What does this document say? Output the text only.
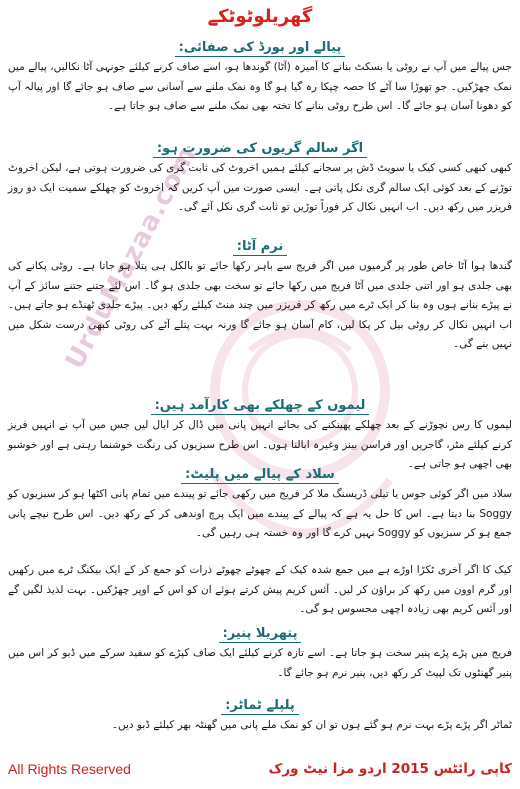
UrduMazaa.com
گھریلوٹوٹکے
پیالے اور بورڈ کی صفائی:
جس پیالے میں آپ نے روٹی یا بسکٹ بنانے کا آمیزہ (آٹا) گوندھا ہو، اسے صاف کرنے کیلئے جونہی آٹا نکالیں، پیالے میں نمک چھڑکیں۔ جو تھوڑا سا آٹے کا حصہ چپکا رہ گیا ہو گا وہ نمک ملنے سے آسانی سے صاف ہو جائے گا اور پیالہ آپ کو دھونا آسان ہو جائے گا۔ اس طرح روٹی بنانے کا تختہ بھی نمک ملنے سے صاف ہو جاتا ہے۔
اگر سالم گریوں کی ضرورت ہو:
کبھی کبھی کسی کیک یا سویٹ ڈش پر سجانے کیلئے ہمیں اخروٹ کی ثابت گری کی ضرورت ہوتی ہے، لیکن اخروٹ توڑنے کے بعد کوئی ایک سالم گری نکل پاتی ہے۔ ایسی صورت میں آپ کریں کہ اخروٹ کو چھلکے سمیت ایک دو روز فریزر میں رکھ دیں۔ اب انہیں نکال کر فوراً توڑیں تو ثابت گری نکل آئے گی۔
نرم آٹا:
گندھا ہوا آٹا خاص طور پر گرمیوں میں اگر فریج سے باہر رکھا جائے تو بالکل ہی پتلا ہو جاتا ہے۔ روٹی پکانے کی بھی جلدی ہو اور اتنی جلدی میں آٹا فریج میں رکھا جائے تو سخت بھی جلدی ہو گا۔ اس لئے جتنے جتنے سائز کے آپ نے پیڑے بنانے ہوں وہ بنا کر ایک ٹرے میں رکھ کر فریزر میں چند منٹ کیلئے رکھ دیں۔ پیڑے جلدی ٹھنڈے ہو جاتے ہیں۔ اب انہیں نکال کر روٹی بیل کر پکا لیں، کام آسان ہو جائے گا ورنہ بہت پتلے آٹے کی روٹی کبھی درست شکل میں نہیں بنے گی۔
لیموں کے چھلکے بھی کارآمد ہیں:
لیموں کا رس نچوڑنے کے بعد چھلکے پھینکنے کی بجائے انہیں پانی میں ڈال کر ابال لیں جس میں آپ نے انہیں فریز کرنے کیلئے مٹر، گاجریں اور فراسن بینز وغیرہ ابالنا ہوں۔ اس طرح سبزیوں کی رنگت خوشنما رہتی ہے اور خوشبو بھی اچھی ہو جاتی ہے۔
سلاد کے پیالے میں پلیٹ:
سلاد میں اگر کوئی جوس یا تیلی ڈریسنگ ملا کر فریج میں رکھی جائے تو پیندے میں تمام پانی اکٹھا ہو کر سبزیوں کو Soggy بنا دیتا ہے۔ اس کا حل یہ ہے کہ پیالے کے پیندے میں ایک پرچ اوندھی کر کے رکھ دیں۔ اس طرح نیچے پانی جمع ہو کر سبزیوں کو Soggy نہیں کرے گا اور وہ خستہ ہی رہیں گی۔
کیک کا اگر آخری ٹکڑا اوڑے ہے میں جمع شدہ کیک کے چھوٹے چھوٹے ذرات کو جمع کر کے ایک بیکنگ ٹرے میں رکھیں اور گرم اوون میں رکھ کر براؤن کر لیں۔ آئس کریم پیش کرتے ہوئے ان کو اس کے اوپر چھڑکیں۔ بہت لذیذ لگیں گے اور آئس کریم بھی زیادہ اچھی محسوس ہو گی۔
پتھریلا پنیر:
فریج میں پڑے پڑے پنیر سخت ہو جاتا ہے۔ اسے تازہ کرنے کیلئے ایک صاف کپڑے کو سفید سرکے میں ڈبو کر اس میں پنیر گھنٹوں تک لپیٹ کر رکھ دیں، پنیر نرم ہو جائے گا۔
پلپلے ٹماٹر:
ٹماٹر اگر پڑے پڑے بہت نرم ہو گئے ہوں تو ان کو نمک ملے پانی میں گھنٹہ بھر کیلئے ڈبو دیں۔
All Rights Reserved	کاپی رائٹس 2015 اردو مزا نیٹ ورک
